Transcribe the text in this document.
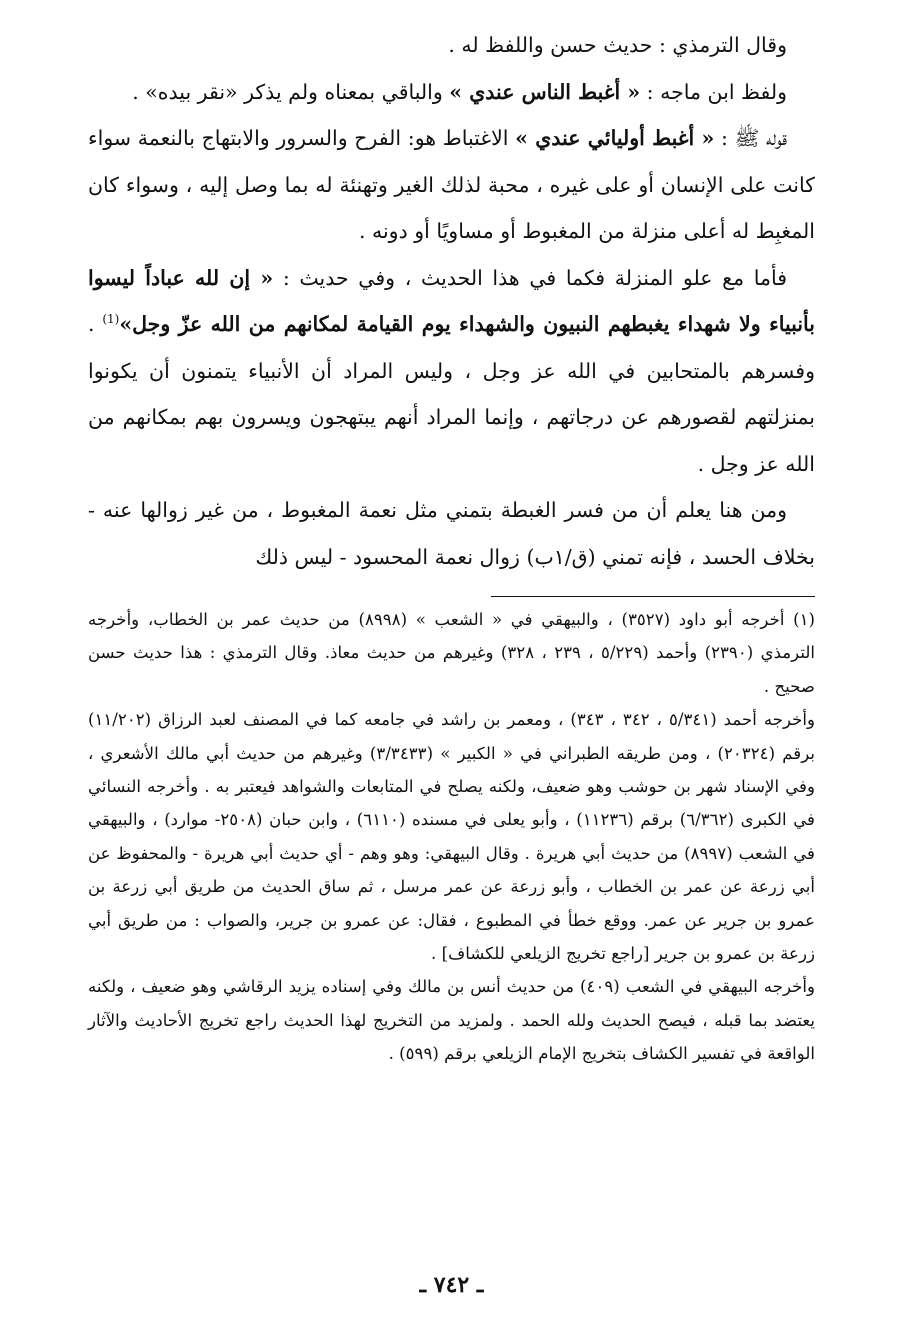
وقال الترمذي : حديث حسن واللفظ له .

ولفظ ابن ماجه : « أغبط الناس عندي » والباقي بمعناه ولم يذكر «نقر بيده» .

قوله ﷺ : « أغبط أوليائي عندي » الاغتباط هو: الفرح والسرور والابتهاج بالنعمة سواء كانت على الإنسان أو على غيره ، محبة لذلك الغير وتهنئة له بما وصل إليه ، وسواء كان المغبِط له أعلى منزلة من المغبوط أو مساويًا أو دونه .

فأما مع علو المنزلة فكما في هذا الحديث ، وفي حديث : « إن لله عباداً ليسوا بأنبياء ولا شهداء يغبطهم النبيون والشهداء يوم القيامة لمكانهم من الله عزّ وجل»$^{(1)}$ . وفسرهم بالمتحابين في الله عز وجل ، وليس المراد أن الأنبياء يتمنون أن يكونوا بمنزلتهم لقصورهم عن درجاتهم ، وإنما المراد أنهم يبتهجون ويسرون بهم بمكانهم من الله عز وجل .

ومن هنا يعلم أن من فسر الغبطة بتمني مثل نعمة المغبوط ، من غير زوالها عنه - بخلاف الحسد ، فإنه تمني (ق/١ب) زوال نعمة المحسود - ليس ذلك

(١) أخرجه أبو داود (٣٥٢٧) ، والبيهقي في « الشعب » (٨٩٩٨) من حديث عمر بن الخطاب، وأخرجه الترمذي (٢٣٩٠) وأحمد (٥/٢٢٩ ، ٢٣٩ ، ٣٢٨) وغيرهم من حديث معاذ. وقال الترمذي : هذا حديث حسن صحيح .

وأخرجه أحمد (٥/٣٤١ ، ٣٤٢ ، ٣٤٣) ، ومعمر بن راشد في جامعه كما في المصنف لعبد الرزاق (١١/٢٠٢) برقم (٢٠٣٢٤) ، ومن طريقه الطبراني في « الكبير » (٣/٣٤٣٣) وغيرهم من حديث أبي مالك الأشعري ، وفي الإسناد شهر بن حوشب وهو ضعيف، ولكنه يصلح في المتابعات والشواهد فيعتبر به . وأخرجه النسائي في الكبرى (٦/٣٦٢) برقم (١١٢٣٦) ، وأبو يعلى في مسنده (٦١١٠) ، وابن حبان (٢٥٠٨- موارد) ، والبيهقي في الشعب (٨٩٩٧) من حديث أبي هريرة . وقال البيهقي: وهو وهم - أي حديث أبي هريرة - والمحفوظ عن أبي زرعة عن عمر بن الخطاب ، وأبو زرعة عن عمر مرسل ، ثم ساق الحديث من طريق أبي زرعة بن عمرو بن جرير عن عمر. ووقع خطأ في المطبوع ، فقال: عن عمرو بن جرير، والصواب : من طريق أبي زرعة بن عمرو بن جرير [راجع تخريج الزيلعي للكشاف] .

وأخرجه البيهقي في الشعب (٤٠٩) من حديث أنس بن مالك وفي إسناده يزيد الرقاشي وهو ضعيف ، ولكنه يعتضد بما قبله ، فيصح الحديث ولله الحمد . ولمزيد من التخريج لهذا الحديث راجع تخريج الأحاديث والآثار الواقعة في تفسير الكشاف بتخريج الإمام الزيلعي برقم (٥٩٩) .

ـ ٧٤٢ ـ
